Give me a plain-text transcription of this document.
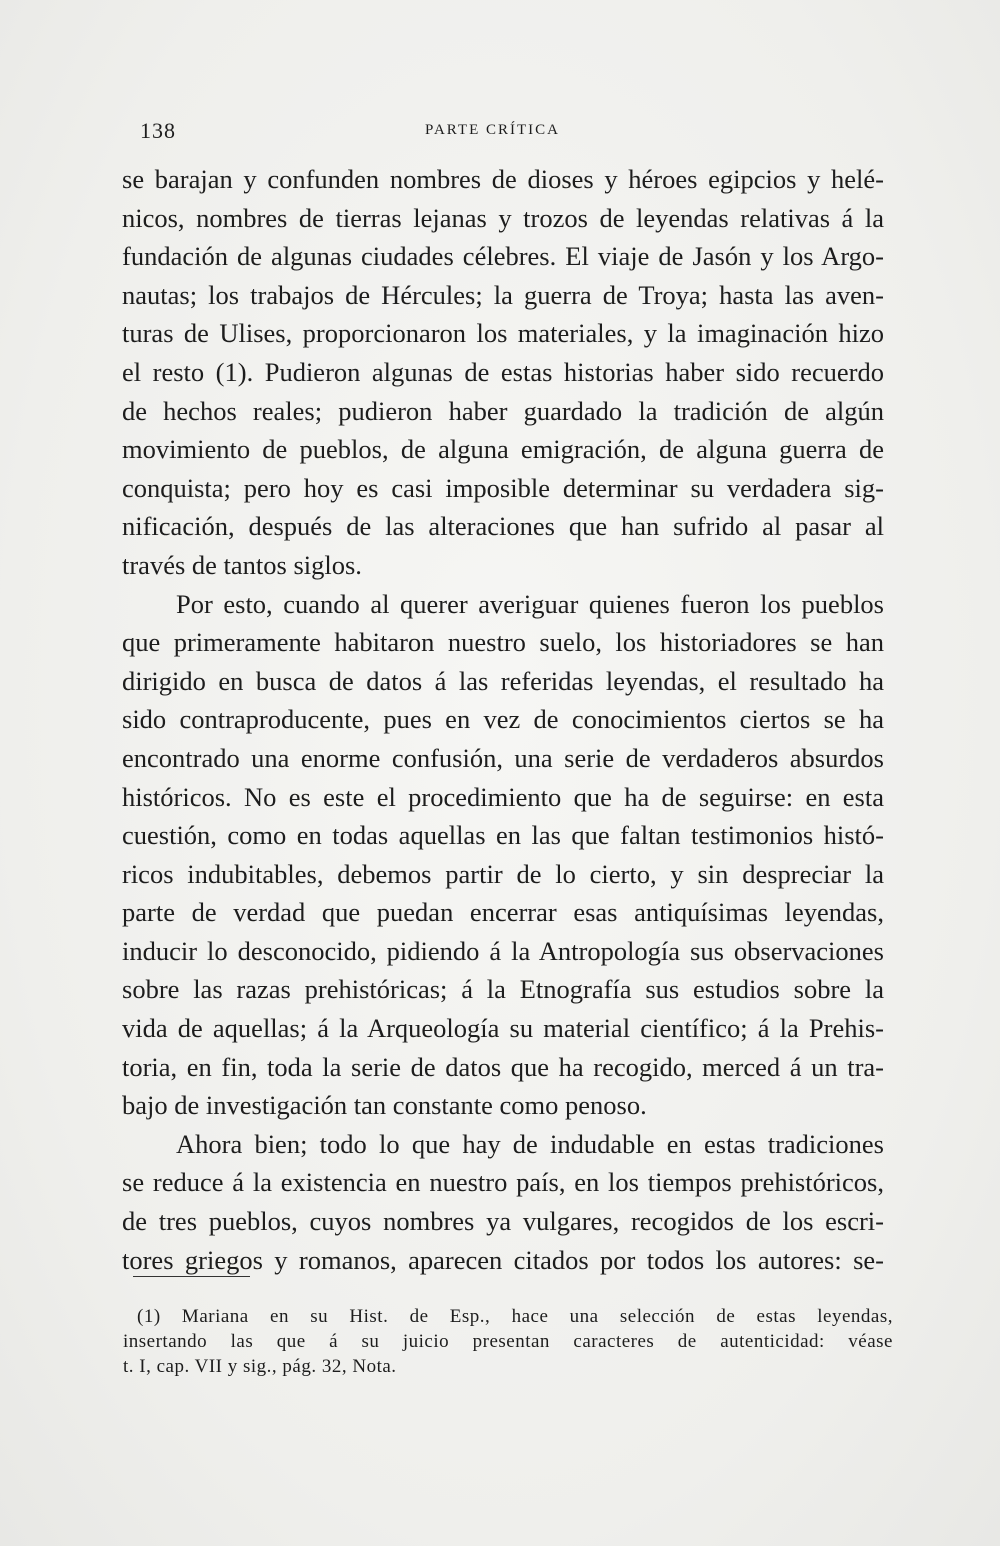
138	PARTE CRÍTICA
se barajan y confunden nombres de dioses y héroes egipcios y helé-
nicos, nombres de tierras lejanas y trozos de leyendas relativas á la
fundación de algunas ciudades célebres. El viaje de Jasón y los Argo-
nautas; los trabajos de Hércules; la guerra de Troya; hasta las aven-
turas de Ulises, proporcionaron los materiales, y la imaginación hizo
el resto (1). Pudieron algunas de estas historias haber sido recuerdo
de hechos reales; pudieron haber guardado la tradición de algún
movimiento de pueblos, de alguna emigración, de alguna guerra de
conquista; pero hoy es casi imposible determinar su verdadera sig-
nificación, después de las alteraciones que han sufrido al pasar al
través de tantos siglos.
Por esto, cuando al querer averiguar quienes fueron los pueblos
que primeramente habitaron nuestro suelo, los historiadores se han
dirigido en busca de datos á las referidas leyendas, el resultado ha
sido contraproducente, pues en vez de conocimientos ciertos se ha
encontrado una enorme confusión, una serie de verdaderos absurdos
históricos. No es este el procedimiento que ha de seguirse: en esta
cuestión, como en todas aquellas en las que faltan testimonios histó-
ricos indubitables, debemos partir de lo cierto, y sin despreciar la
parte de verdad que puedan encerrar esas antiquísimas leyendas,
inducir lo desconocido, pidiendo á la Antropología sus observaciones
sobre las razas prehistóricas; á la Etnografía sus estudios sobre la
vida de aquellas; á la Arqueología su material científico; á la Prehis-
toria, en fin, toda la serie de datos que ha recogido, merced á un tra-
bajo de investigación tan constante como penoso.
Ahora bien; todo lo que hay de indudable en estas tradiciones
se reduce á la existencia en nuestro país, en los tiempos prehistóricos,
de tres pueblos, cuyos nombres ya vulgares, recogidos de los escri-
tores griegos y romanos, aparecen citados por todos los autores: se-
(1) Mariana en su Hist. de Esp., hace una selección de estas leyendas,
insertando las que á su juicio presentan caracteres de autenticidad: véase
t. I, cap. VII y sig., pág. 32, Nota.
